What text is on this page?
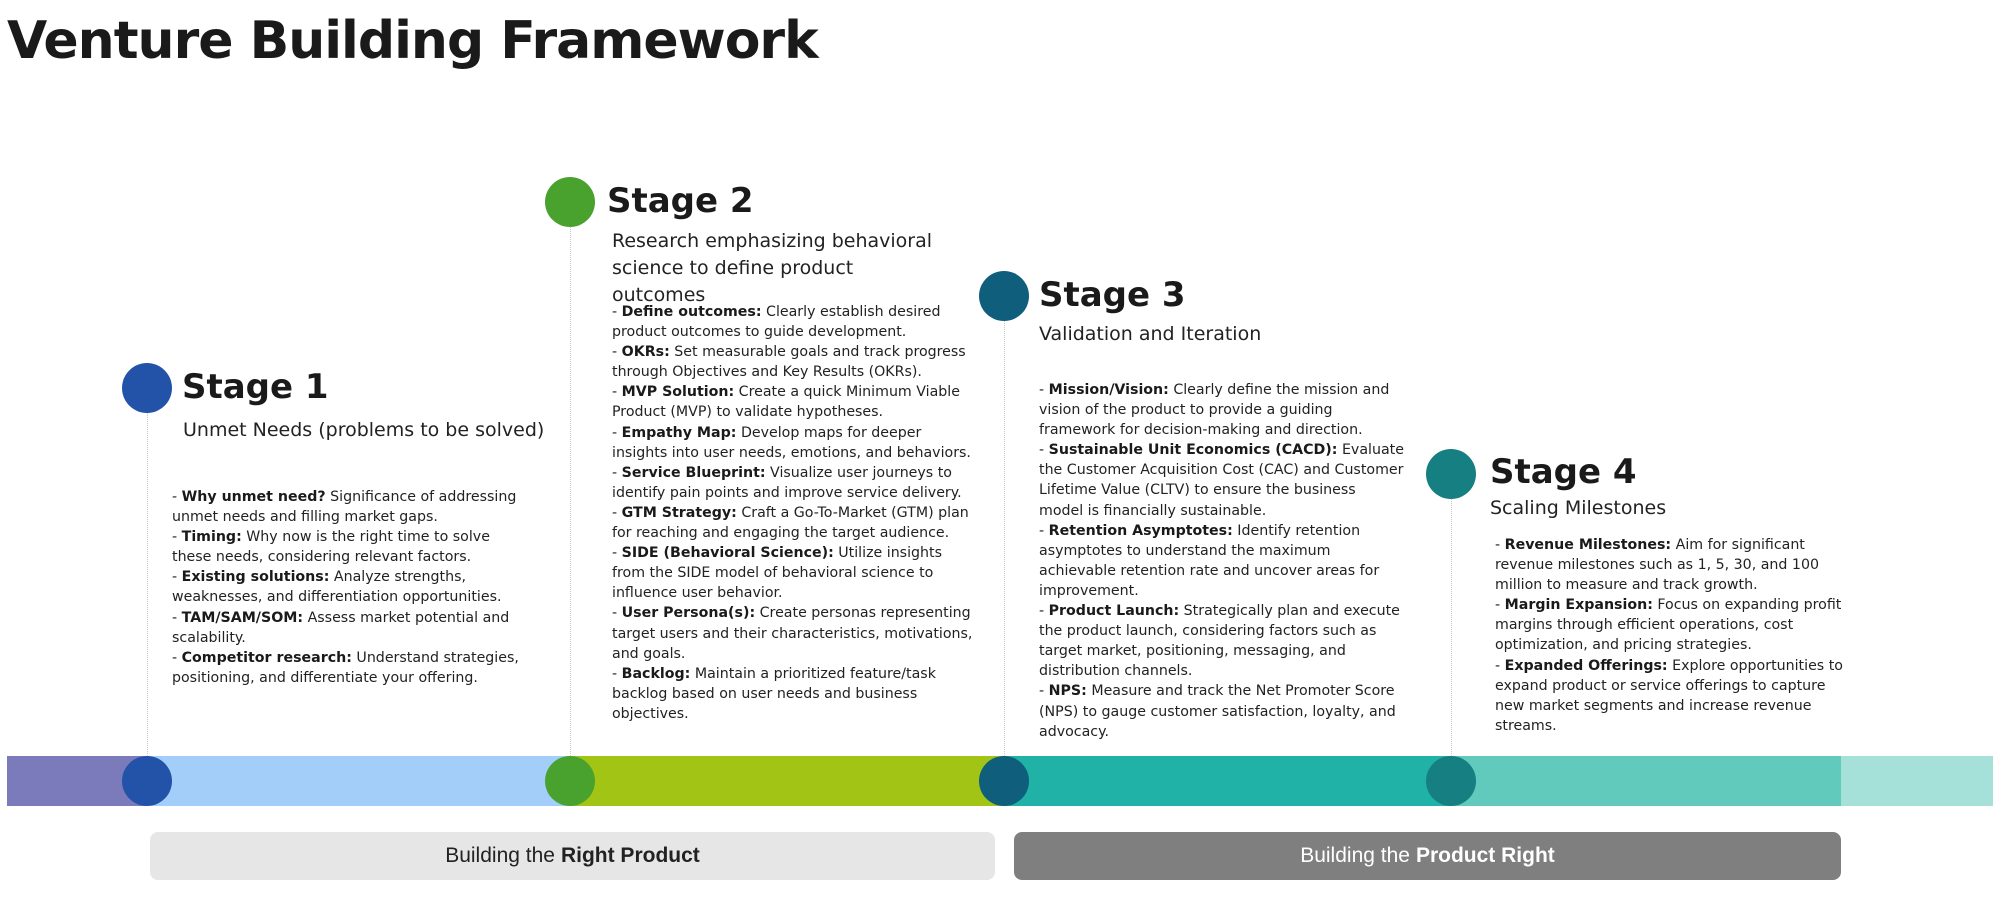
Venture Building Framework
Stage 1
Unmet Needs (problems to be solved)
- Why unmet need? Significance of addressing unmet needs and filling market gaps.
- Timing: Why now is the right time to solve these needs, considering relevant factors.
- Existing solutions: Analyze strengths, weaknesses, and differentiation opportunities.
- TAM/SAM/SOM: Assess market potential and scalability.
- Competitor research: Understand strategies, positioning, and differentiate your offering.
Stage 2
Research emphasizing behavioral science to define product outcomes
- Define outcomes: Clearly establish desired product outcomes to guide development.
- OKRs: Set measurable goals and track progress through Objectives and Key Results (OKRs).
- MVP Solution: Create a quick Minimum Viable Product (MVP) to validate hypotheses.
- Empathy Map: Develop maps for deeper insights into user needs, emotions, and behaviors.
- Service Blueprint: Visualize user journeys to identify pain points and improve service delivery.
- GTM Strategy: Craft a Go-To-Market (GTM) plan for reaching and engaging the target audience.
- SIDE (Behavioral Science): Utilize insights from the SIDE model of behavioral science to influence user behavior.
- User Persona(s): Create personas representing target users and their characteristics, motivations, and goals.
- Backlog: Maintain a prioritized feature/task backlog based on user needs and business objectives.
Stage 3
Validation and Iteration
- Mission/Vision: Clearly define the mission and vision of the product to provide a guiding framework for decision-making and direction.
- Sustainable Unit Economics (CACD): Evaluate the Customer Acquisition Cost (CAC) and Customer Lifetime Value (CLTV) to ensure the business model is financially sustainable.
- Retention Asymptotes: Identify retention asymptotes to understand the maximum achievable retention rate and uncover areas for improvement.
- Product Launch: Strategically plan and execute the product launch, considering factors such as target market, positioning, messaging, and distribution channels.
- NPS: Measure and track the Net Promoter Score (NPS) to gauge customer satisfaction, loyalty, and advocacy.
Stage 4
Scaling Milestones
- Revenue Milestones: Aim for significant revenue milestones such as 1, 5, 30, and 100 million to measure and track growth.
- Margin Expansion: Focus on expanding profit margins through efficient operations, cost optimization, and pricing strategies.
- Expanded Offerings: Explore opportunities to expand product or service offerings to capture new market segments and increase revenue streams.
Building the Right Product	Building the Product Right
